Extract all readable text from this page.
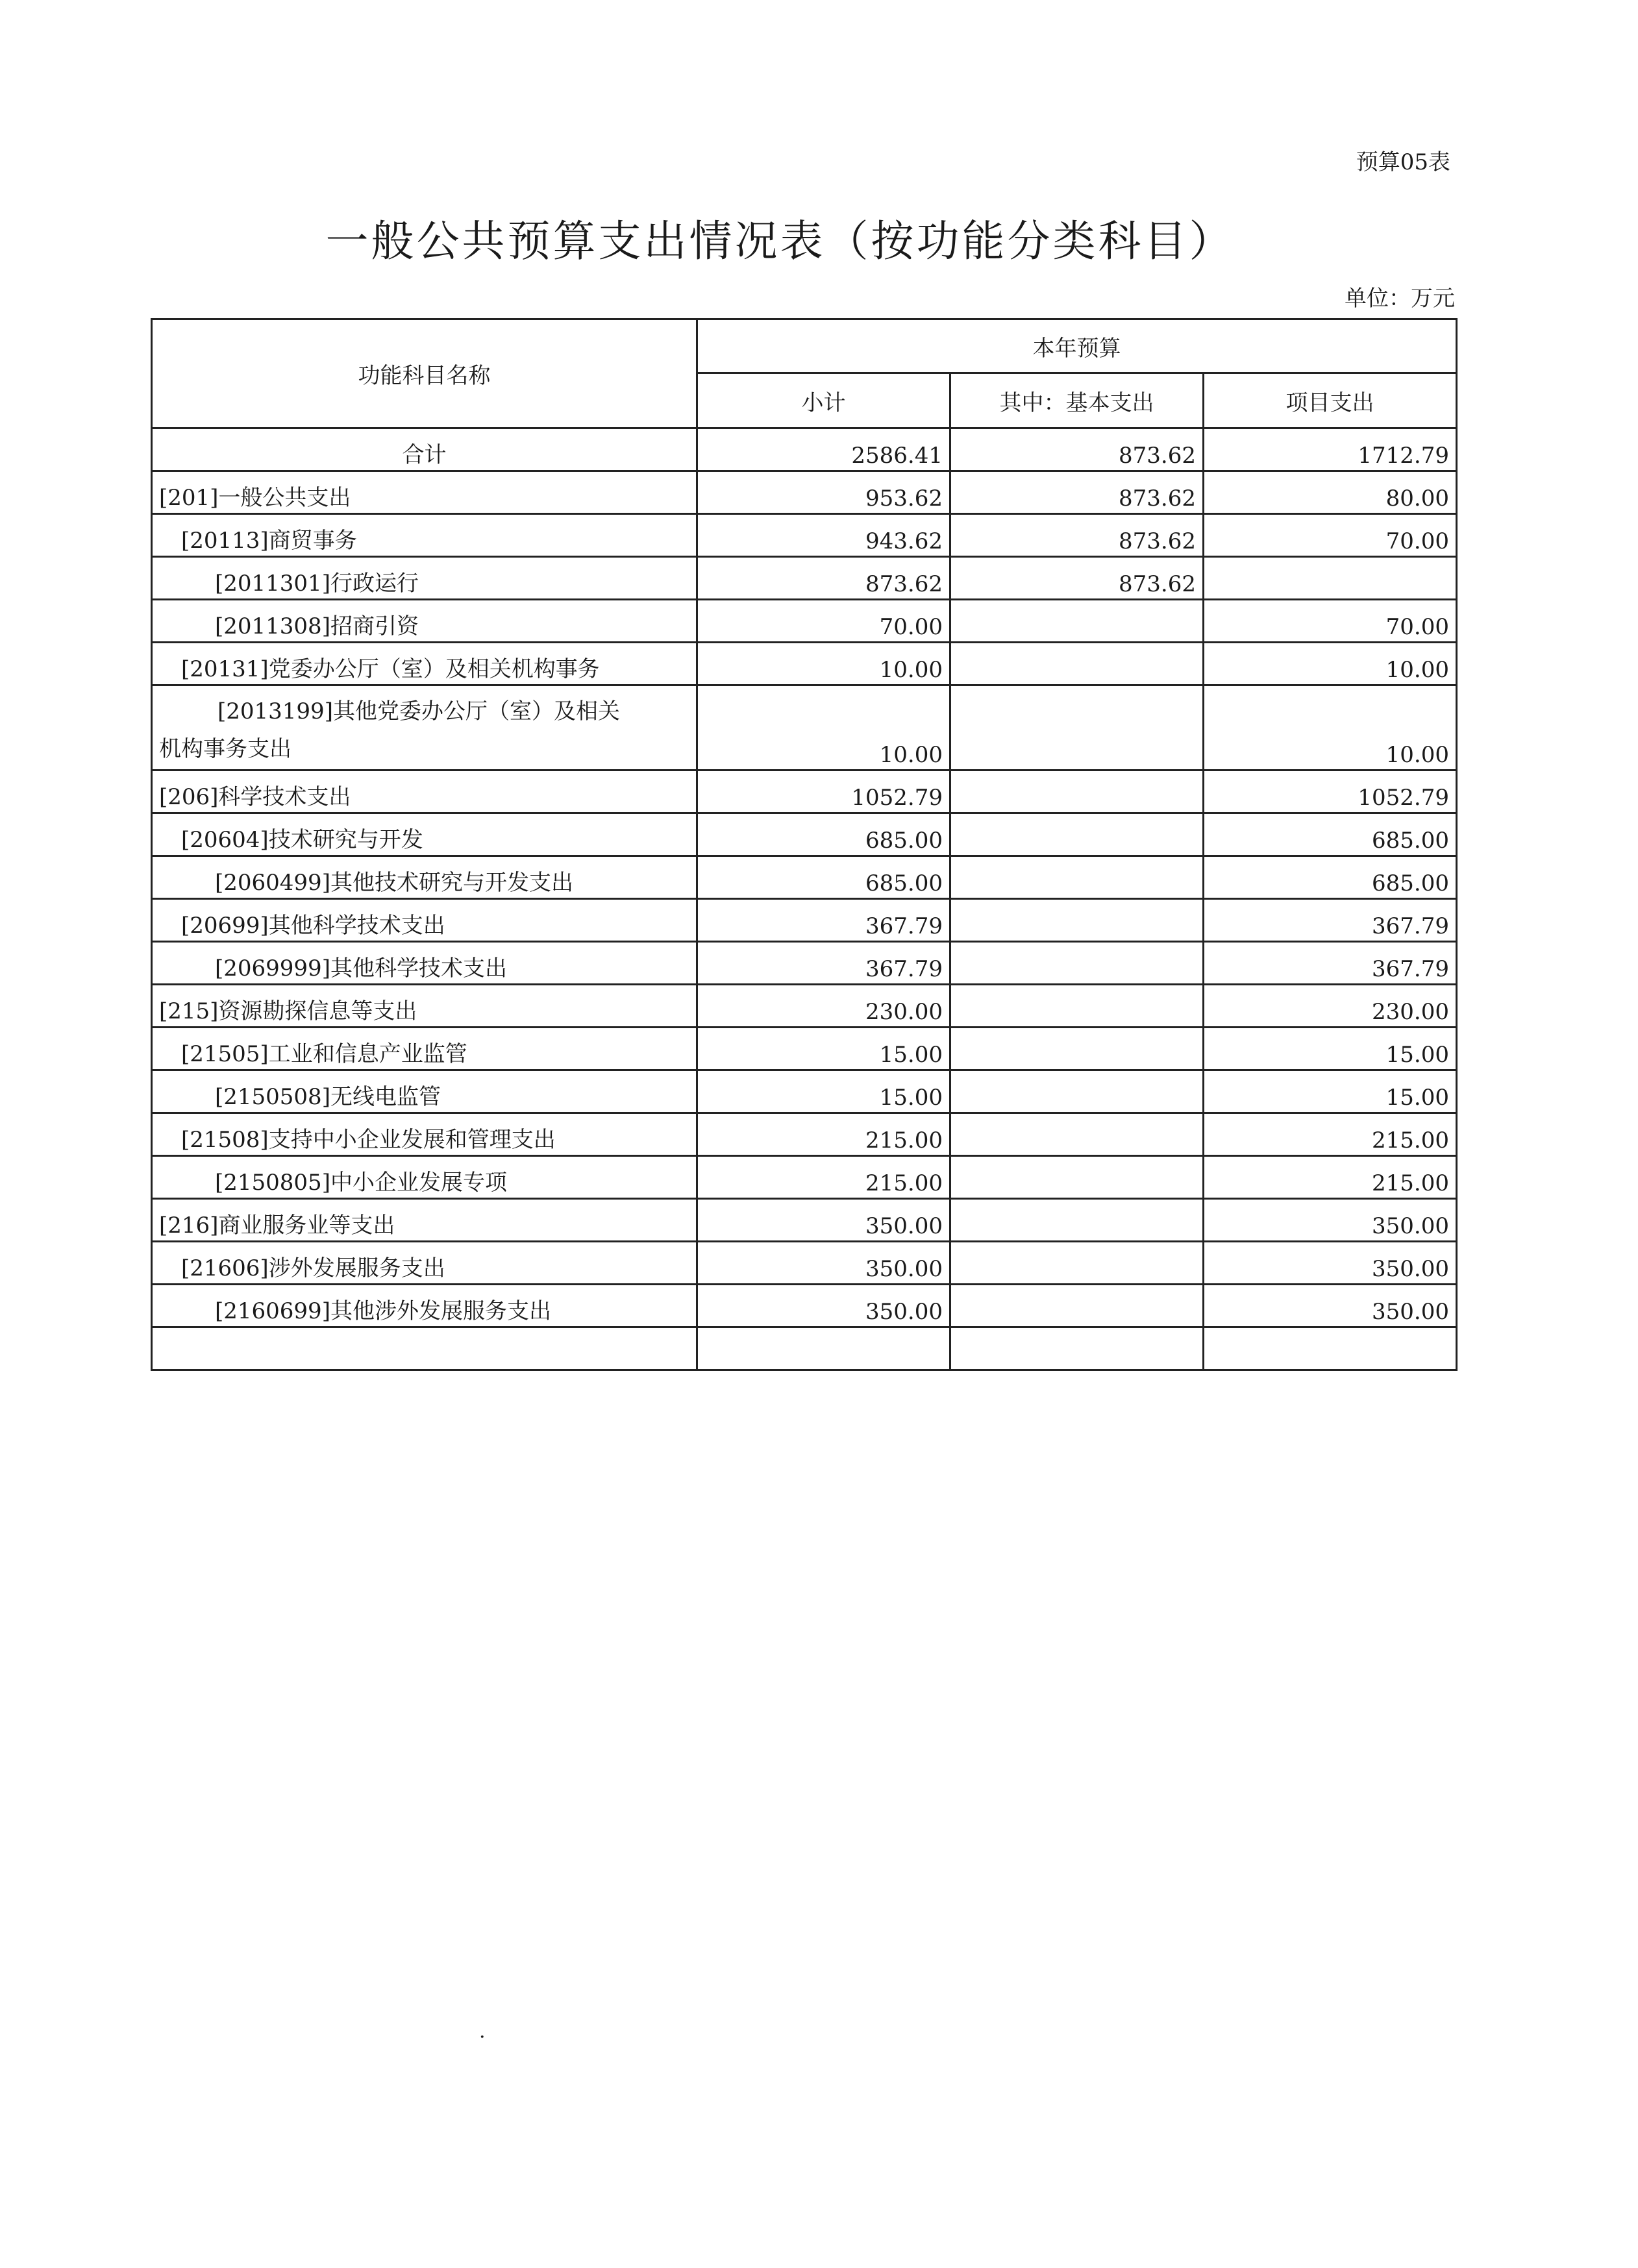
预算05表
一般公共预算支出情况表（按功能分类科目）
单位：万元
功能科目名称	本年预算		
	小计	其中：基本支出	项目支出
合计	2586.41	873.62	1712.79
[201]一般公共支出	953.62	873.62	80.00
[20113]商贸事务	943.62	873.62	70.00
[2011301]行政运行	873.62	873.62	
[2011308]招商引资	70.00		70.00
[20131]党委办公厅（室）及相关机构事务	10.00		10.00

[2013199]其他党委办公厅（室）及相关
机构事务支出	10.00		10.00
[206]科学技术支出	1052.79		1052.79
[20604]技术研究与开发	685.00		685.00
[2060499]其他技术研究与开发支出	685.00		685.00
[20699]其他科学技术支出	367.79		367.79
[2069999]其他科学技术支出	367.79		367.79
[215]资源勘探信息等支出	230.00		230.00
[21505]工业和信息产业监管	15.00		15.00
[2150508]无线电监管	15.00		15.00
[21508]支持中小企业发展和管理支出	215.00		215.00
[2150805]中小企业发展专项	215.00		215.00
[216]商业服务业等支出	350.00		350.00
[21606]涉外发展服务支出	350.00		350.00
[2160699]其他涉外发展服务支出	350.00		350.00

.
